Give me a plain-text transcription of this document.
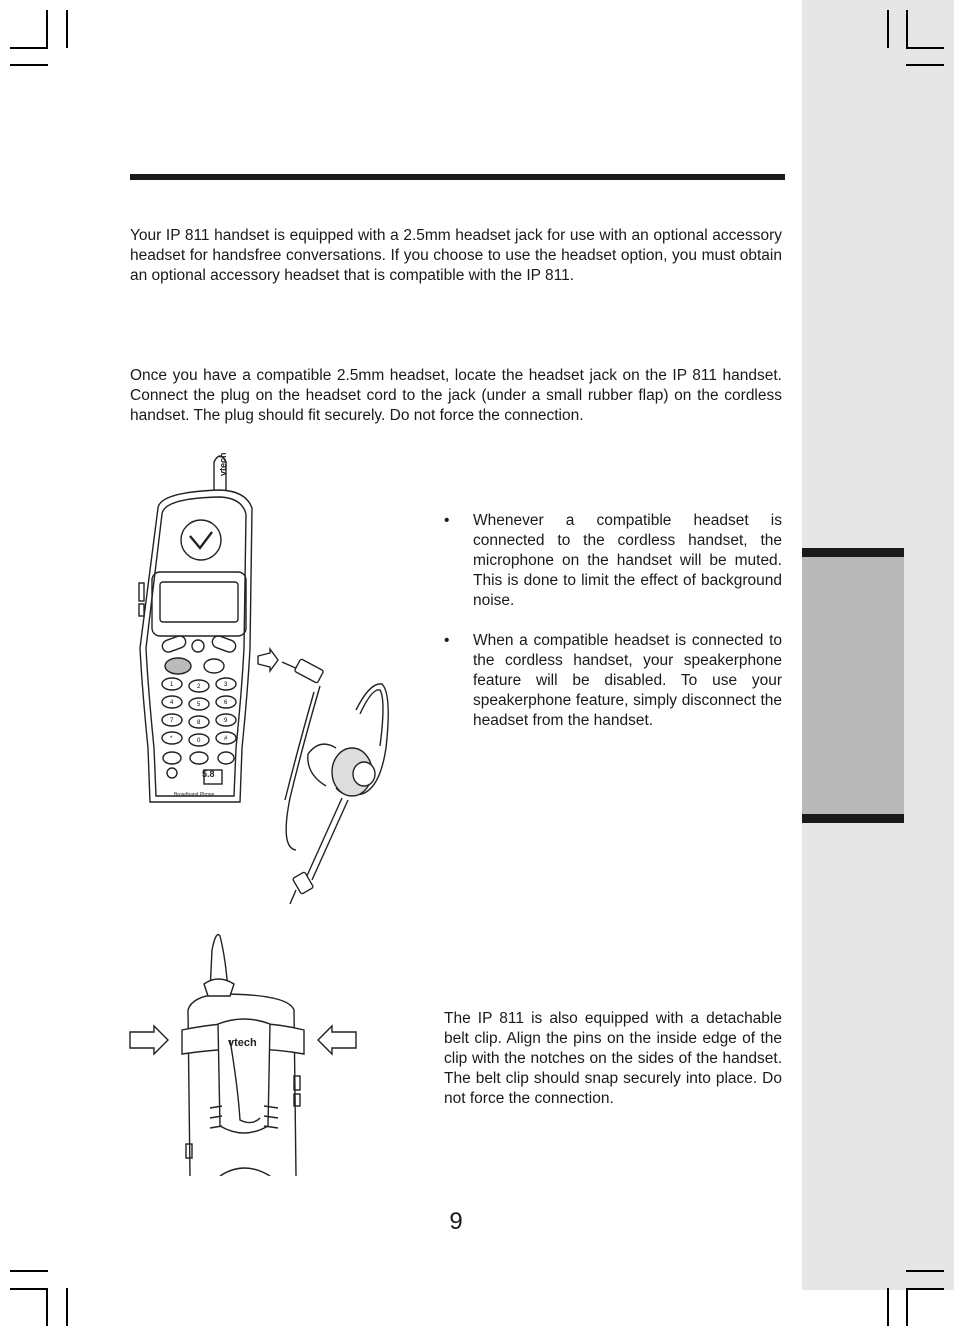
Your IP 811 handset is equipped with a 2.5mm headset jack for use with an optional accessory headset for handsfree conversations. If you choose to use the headset option, you must obtain an optional accessory headset that is compatible with the IP 811.

Once you have a compatible 2.5mm headset, locate the headset jack on the IP 811 handset. Connect the plug on the headset cord to the jack (under a small rubber flap) on the cordless handset. The plug should fit securely. Do not force the connection.

vtech
5.8
Broadband Phone
1	2	3
4	5	6
7	8	9
*	0	#
• Whenever a compatible headset is connected to the cordless handset, the microphone on the handset will be muted. This is done to limit the effect of background noise.
• When a compatible headset is connected to the cordless handset, your speakerphone feature will be disabled. To use your speakerphone feature, simply disconnect the headset from the handset.
vtech

The IP 811 is also equipped with a detachable belt clip. Align the pins on the inside edge of the clip with the notches on the sides of the handset. The belt clip should snap securely into place. Do not force the connection.

9
